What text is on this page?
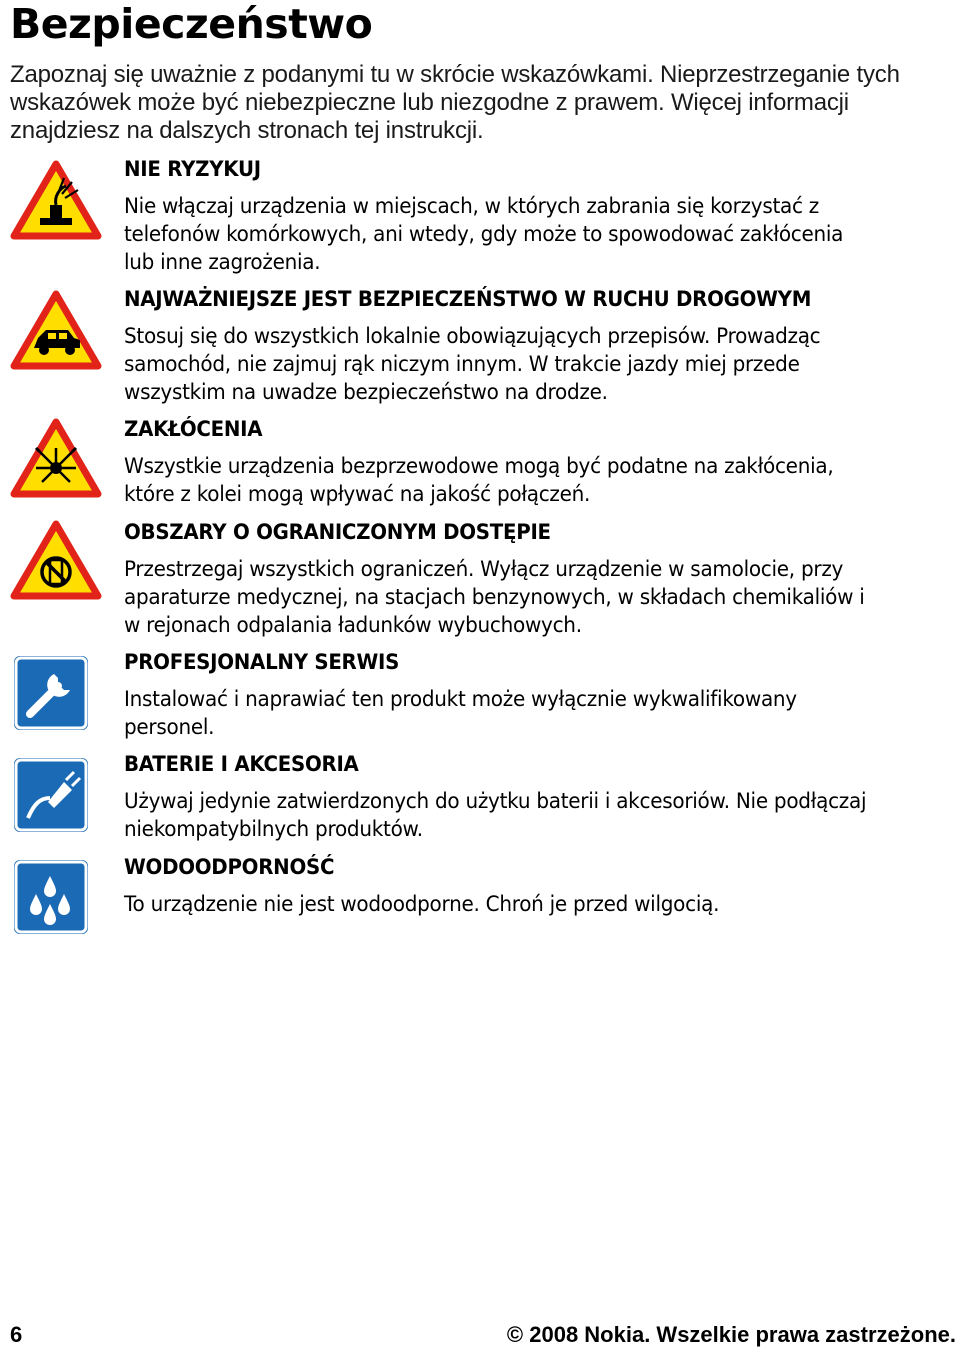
Bezpieczeństwo
Zapoznaj się uważnie z podanymi tu w skrócie wskazówkami. Nieprzestrzeganie tych
wskazówek może być niebezpieczne lub niezgodne z prawem. Więcej informacji
znajdziesz na dalszych stronach tej instrukcji.
NIE RYZYKUJ

Nie włączaj urządzenia w miejscach, w których zabrania się korzystać z
telefonów komórkowych, ani wtedy, gdy może to spowodować zakłócenia
lub inne zagrożenia.

NAJWAŻNIEJSZE JEST BEZPIECZEŃSTWO W RUCHU DROGOWYM

Stosuj się do wszystkich lokalnie obowiązujących przepisów. Prowadząc
samochód, nie zajmuj rąk niczym innym. W trakcie jazdy miej przede
wszystkim na uwadze bezpieczeństwo na drodze.

ZAKŁÓCENIA

Wszystkie urządzenia bezprzewodowe mogą być podatne na zakłócenia,
które z kolei mogą wpływać na jakość połączeń.

OBSZARY O OGRANICZONYM DOSTĘPIE

Przestrzegaj wszystkich ograniczeń. Wyłącz urządzenie w samolocie, przy
aparaturze medycznej, na stacjach benzynowych, w składach chemikaliów i
w rejonach odpalania ładunków wybuchowych.

PROFESJONALNY SERWIS

Instalować i naprawiać ten produkt może wyłącznie wykwalifikowany
personel.

BATERIE I AKCESORIA

Używaj jedynie zatwierdzonych do użytku baterii i akcesoriów. Nie podłączaj
niekompatybilnych produktów.

WODOODPORNOŚĆ

To urządzenie nie jest wodoodporne. Chroń je przed wilgocią.

6	© 2008 Nokia. Wszelkie prawa zastrzeżone.
